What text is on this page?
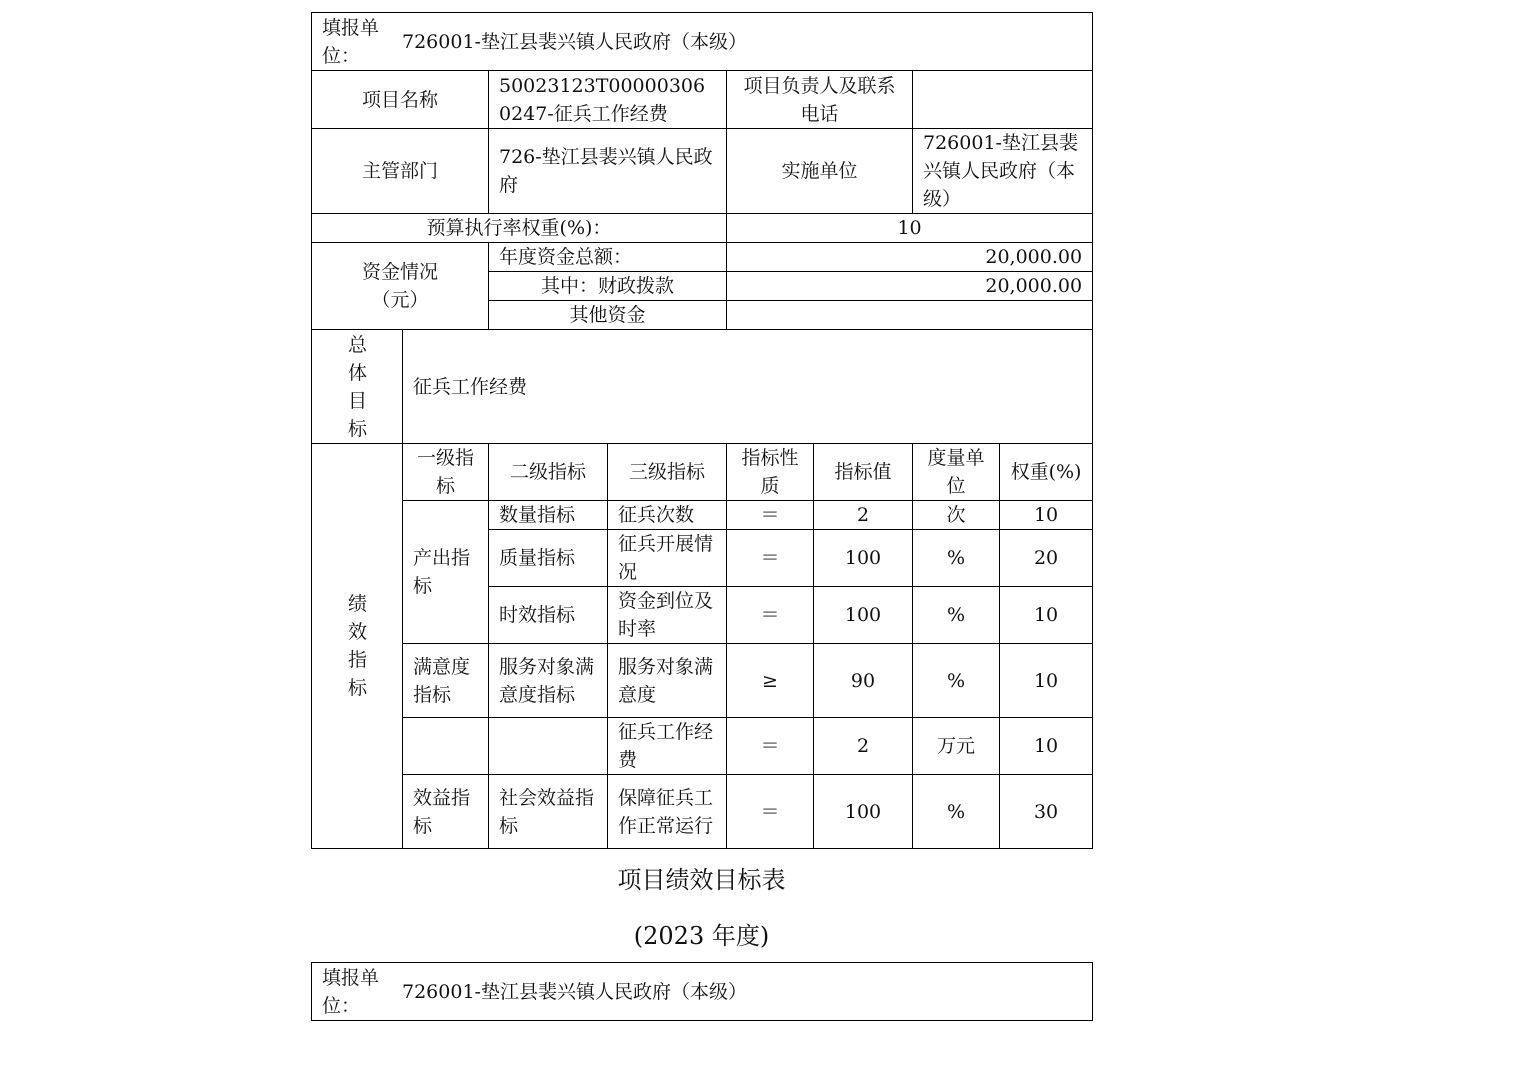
填报单位：
726001-垫江县裴兴镇人民政府（本级）							

项目名称		50023123T000003060247-征兵工作经费		项目负责人及联系电话			
主管部门		726-垫江县裴兴镇人民政府		实施单位		726001-垫江县裴兴镇人民政府（本级）	
预算执行率权重(%)：				10			

资金情况（元）		年度资金总额：		20,000.00			
		其中：财政拨款		20,000.00			
		其他资金					

总体目标	征兵工作经费						

绩效指标	一级指标	二级指标	三级指标	指标性质	指标值	度量单位	权重(%)
	产出指标	数量指标	征兵次数	＝	2	次	10
		质量指标	征兵开展情况	＝	100	%	20
		时效指标	资金到位及时率	＝	100	%	10
	满意度指标	服务对象满意度指标	服务对象满意度	≥	90	%	10
			征兵工作经费	＝	2	万元	10
	效益指标	社会效益指标	保障征兵工作正常运行	＝	100	%	30
项目绩效目标表
(2023 年度)
填报单位：
726001-垫江县裴兴镇人民政府（本级）
